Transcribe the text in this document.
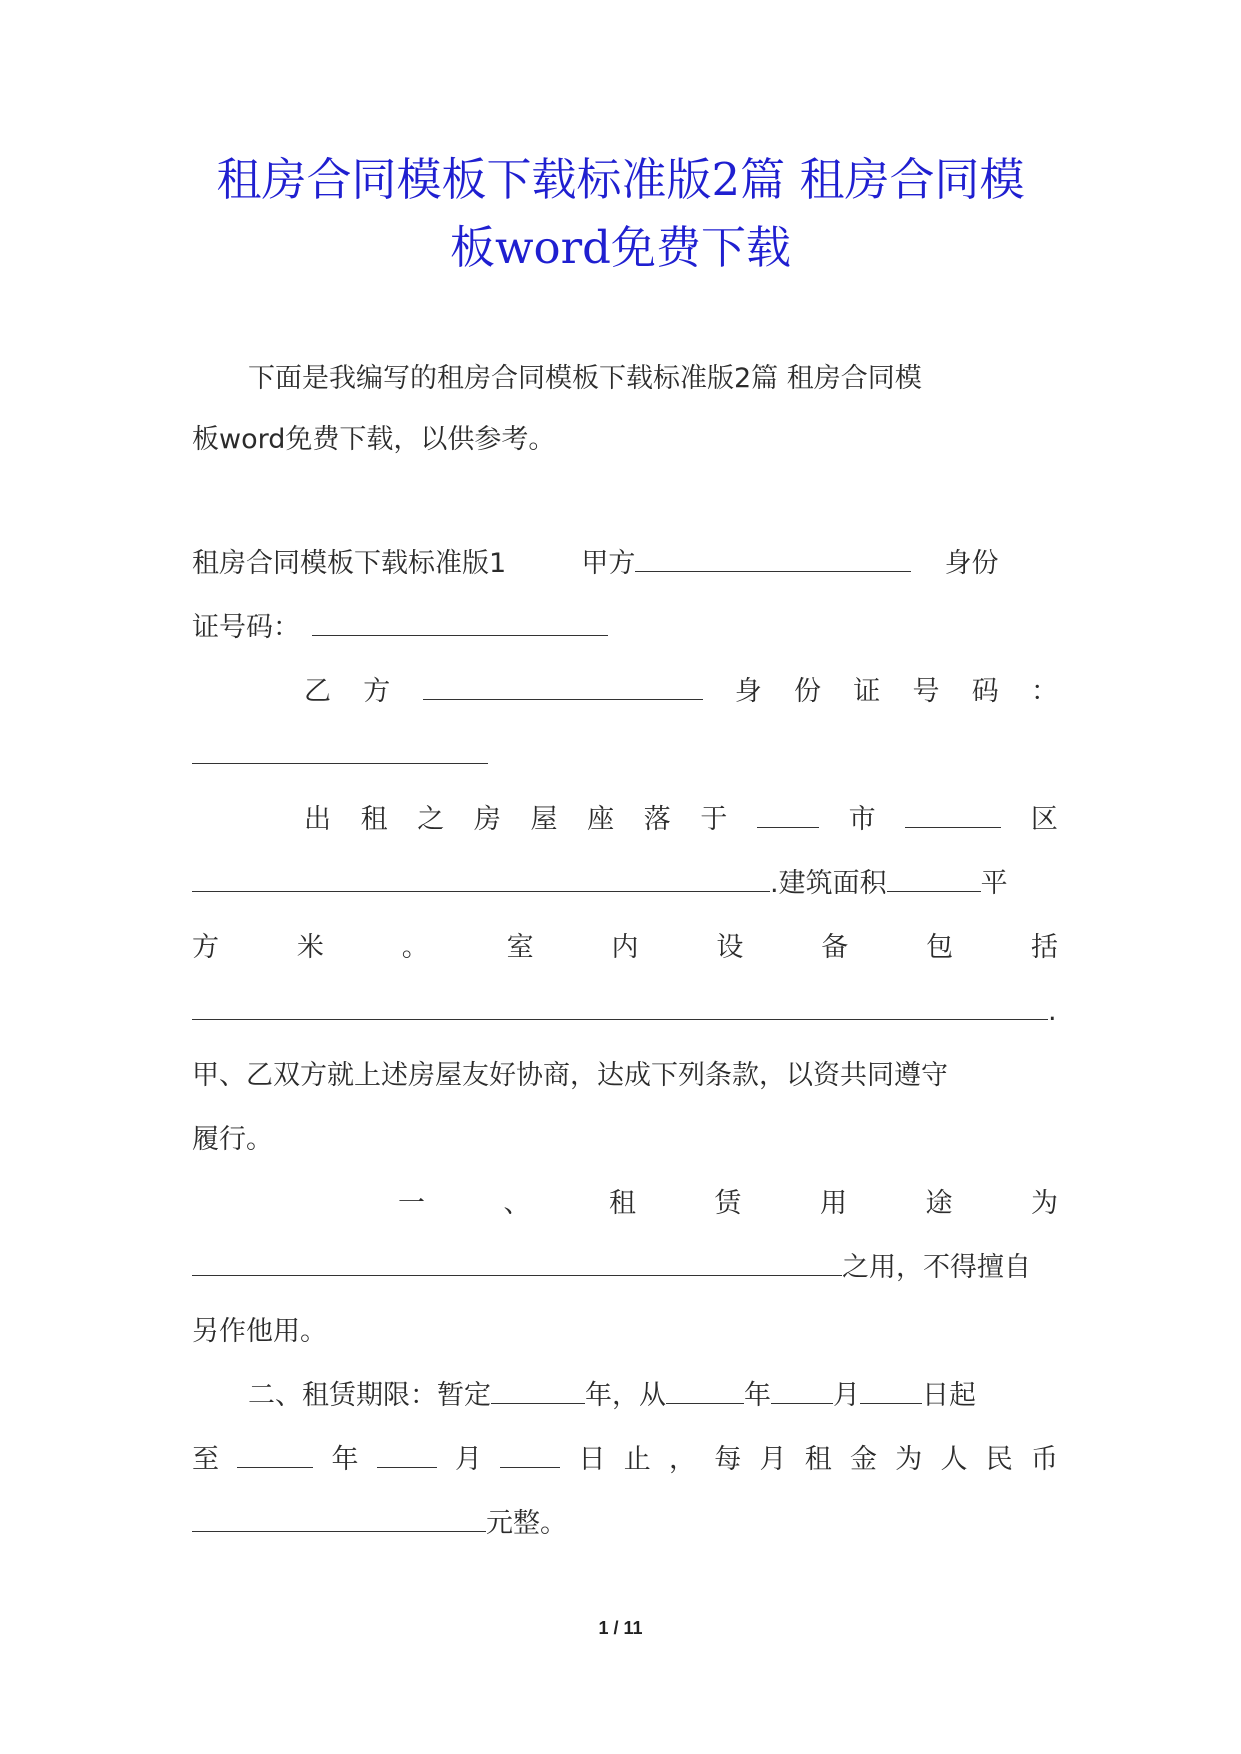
租房合同模板下载标准版2篇 租房合同模
板word免费下载

下面是我编写的租房合同模板下载标准版2篇 租房合同模

板word免费下载，以供参考。

租房合同模板下载标准版1	甲方	身份

证号码：

乙 方	身 份 证 号 码 ：

出 租 之 房 屋 座 落 于	市	区

.建筑面积	平

方	米	。	室	内	设	备	包	括

.

甲、乙双方就上述房屋友好协商，达成下列条款，以资共同遵守

履行。

一	、	租	赁	用	途	为

之用，不得擅自

另作他用。

二、租赁期限：暂定	年，从	年 月 日起

至	年	月	日 止 ， 每 月 租 金 为 人 民 币

元整。

1 / 11
